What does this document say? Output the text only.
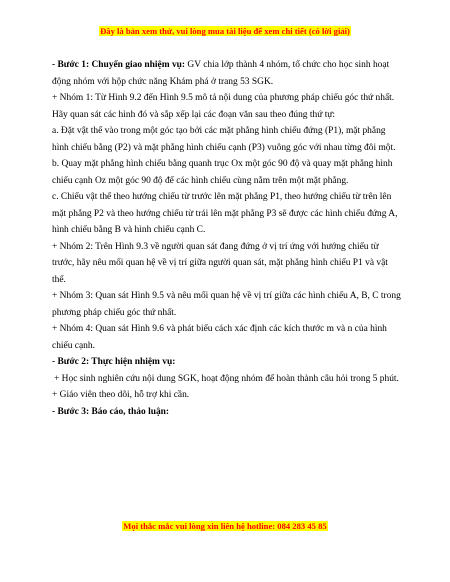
Đây là bản xem thử, vui lòng mua tài liệu để xem chi tiết (có lời giải)

- Bước 1: Chuyển giao nhiệm vụ: GV chia lớp thành 4 nhóm, tổ chức cho học sinh hoạt động nhóm với hộp chức năng Khám phá ở trang 53 SGK.

+ Nhóm 1: Từ Hình 9.2 đến Hình 9.5 mô tả nội dung của phương pháp chiếu góc thứ nhất. Hãy quan sát các hình đó và sắp xếp lại các đoạn văn sau theo đúng thứ tự:

a. Đặt vật thể vào trong một góc tạo bởi các mặt phẳng hình chiếu đứng (P1), mặt phẳng hình chiếu bằng (P2) và mặt phẳng hình chiếu cạnh (P3) vuông góc với nhau từng đôi một.

b. Quay mặt phẳng hình chiếu bằng quanh trục Ox một góc 90 độ và quay mặt phẳng hình chiếu cạnh Oz một góc 90 độ để các hình chiếu cùng nằm trên một mặt phẳng.

c. Chiếu vật thể theo hướng chiếu từ trước lên mặt phẳng P1, theo hướng chiếu từ trên lên mặt phẳng P2 và theo hướng chiếu từ trái lên mặt phẳng P3 sẽ được các hình chiếu đứng A, hình chiếu bằng B và hình chiếu cạnh C.

+ Nhóm 2: Trên Hình 9.3 về người quan sát đang đứng ở vị trí ứng với hướng chiếu từ trước, hãy nêu mối quan hệ về vị trí giữa người quan sát, mặt phẳng hình chiếu P1 và vật thể.

+ Nhóm 3: Quan sát Hình 9.5 và nêu mối quan hệ về vị trí giữa các hình chiếu A, B, C trong phương pháp chiếu góc thứ nhất.

+ Nhóm 4: Quan sát Hình 9.6 và phát biểu cách xác định các kích thước m và n của hình chiếu cạnh.

- Bước 2: Thực hiện nhiệm vụ:

+ Học sinh nghiên cứu nội dung SGK, hoạt động nhóm để hoàn thành câu hỏi trong 5 phút.

+ Giáo viên theo dõi, hỗ trợ khi cần.

- Bước 3: Báo cáo, thảo luận:

Mọi thắc mắc vui lòng xin liên hệ hotline: 084 283 45 85
